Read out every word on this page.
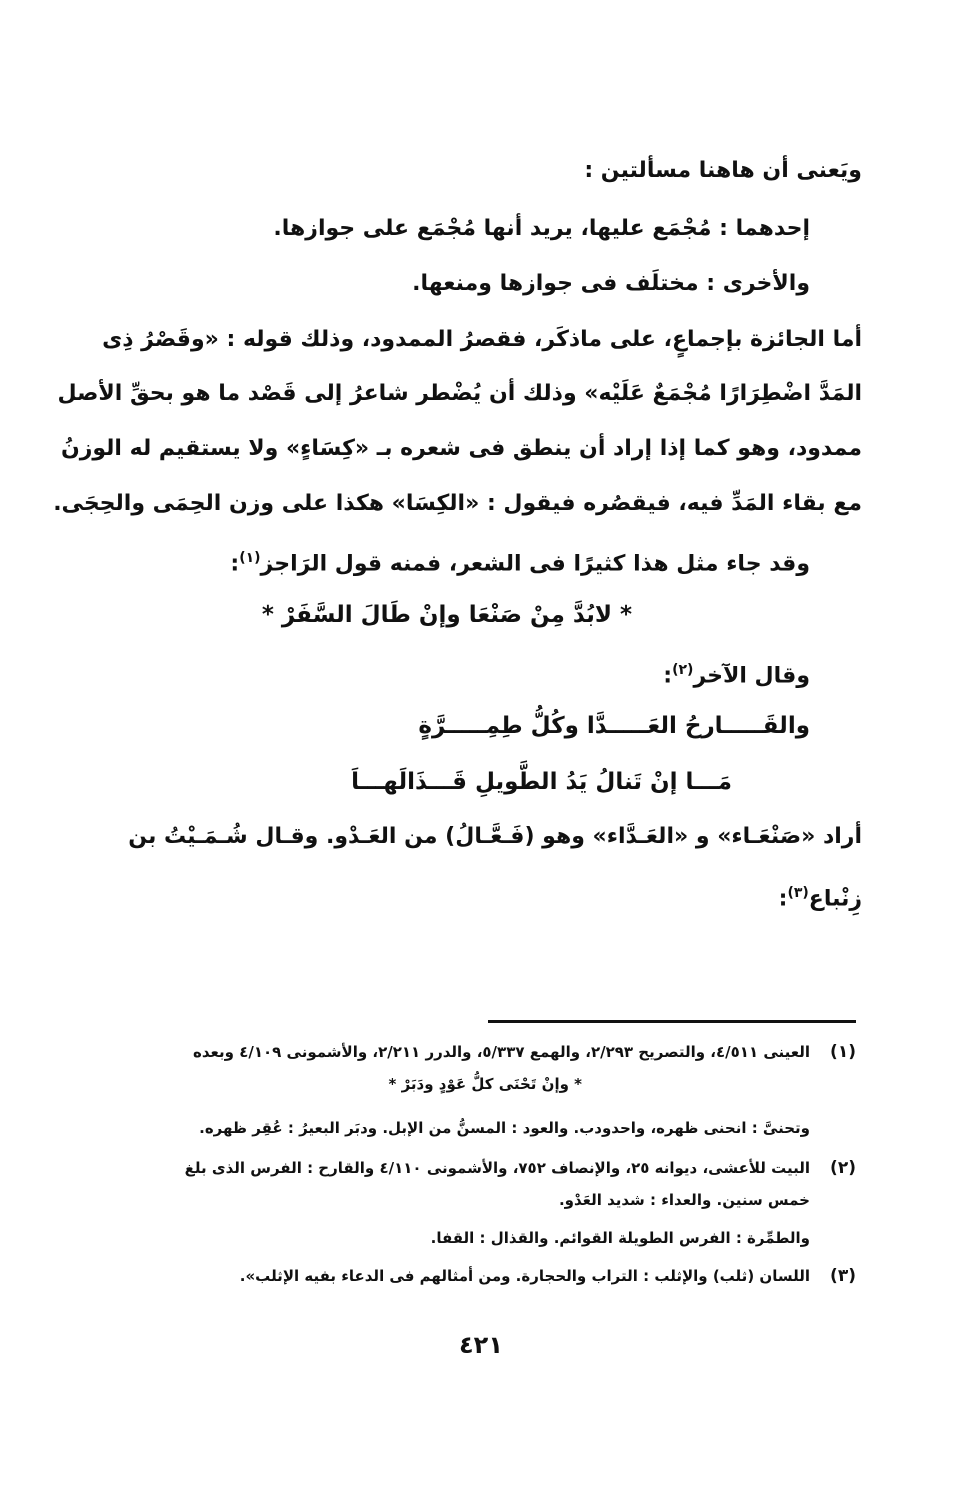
ويَعنى أن هاهنا مسألتين :
إحدهما : مُجْمَع عليها، يريد أنها مُجْمَع على جوازها.
والأخرى : مختلَف فى جوازها ومنعها.
أما الجائزة بإجماعٍ، على ماذكَر، فقصرُ الممدود، وذلك قوله : «وقَصْرُ ذِى
المَدَّ اضْطِرَارًا مُجْمَعٌ عَلَيْه» وذلك أن يُضْطر شاعرُ إلى قَصْد ما هو بحقِّ الأصل
ممدود، وهو كما إذا إراد أن ينطق فى شعره بـ «كِسَاءٍ» ولا يستقيم له الوزنُ
مع بقاء المَدِّ فيه، فيقصُره فيقول : «الكِسَا» هكذا على وزن الحِمَى والحِجَى.
وقد جاء مثل هذا كثيرًا فى الشعر، فمنه قول الرَاجز$^{(١)}$:
* لابُدَّ مِنْ صَنْعَا وإنْ طَالَ السَّفَرْ *
وقال الآخر$^{(٢)}$:
والقَـــــارحُ العَـــــدَّا وكُلُّ طِمِـــــرَّةٍ
مَـــا إنْ تَنالُ يَدُ الطَّويلِ قَـــذَالَهـــاَ
أراد «صَنْعَـاء» و «العَـدَّاء» وهو (فَـعَّـالُ) من العَـدْو. وقـال شُـمَـيْتُ بن
زِنْباع$^{(٣)}$:
(١)
العينى ٤/٥١١، والتصريح ٢/٢٩٣، والهمع ٥/٣٣٧، والدرر ٢/٢١١، والأشمونى ٤/١٠٩ وبعده
* وإنْ تَحْنَى كلُّ عَوْدٍ ودَبَرْ *
وتحنىَّ : انحنى ظهره، واحدودب. والعود : المسنُّ من الإبل. ودبَر البعيرُ : عُقِر ظهره.
(٢)
البيت للأعشى، ديوانه ٢٥، والإنصاف ٧٥٢، والأشمونى ٤/١١٠ والقارح : الفرس الذى بلغ
خمس سنين. والعداء : شديد العَدْو.
والطمِّرة : الفرس الطويلة القوائم. والقذال : القفا.
(٣)
اللسان (ثلب) والإثلب : التراب والحجارة. ومن أمثالهم فى الدعاء بفيه الإثلب».
٤٢١
